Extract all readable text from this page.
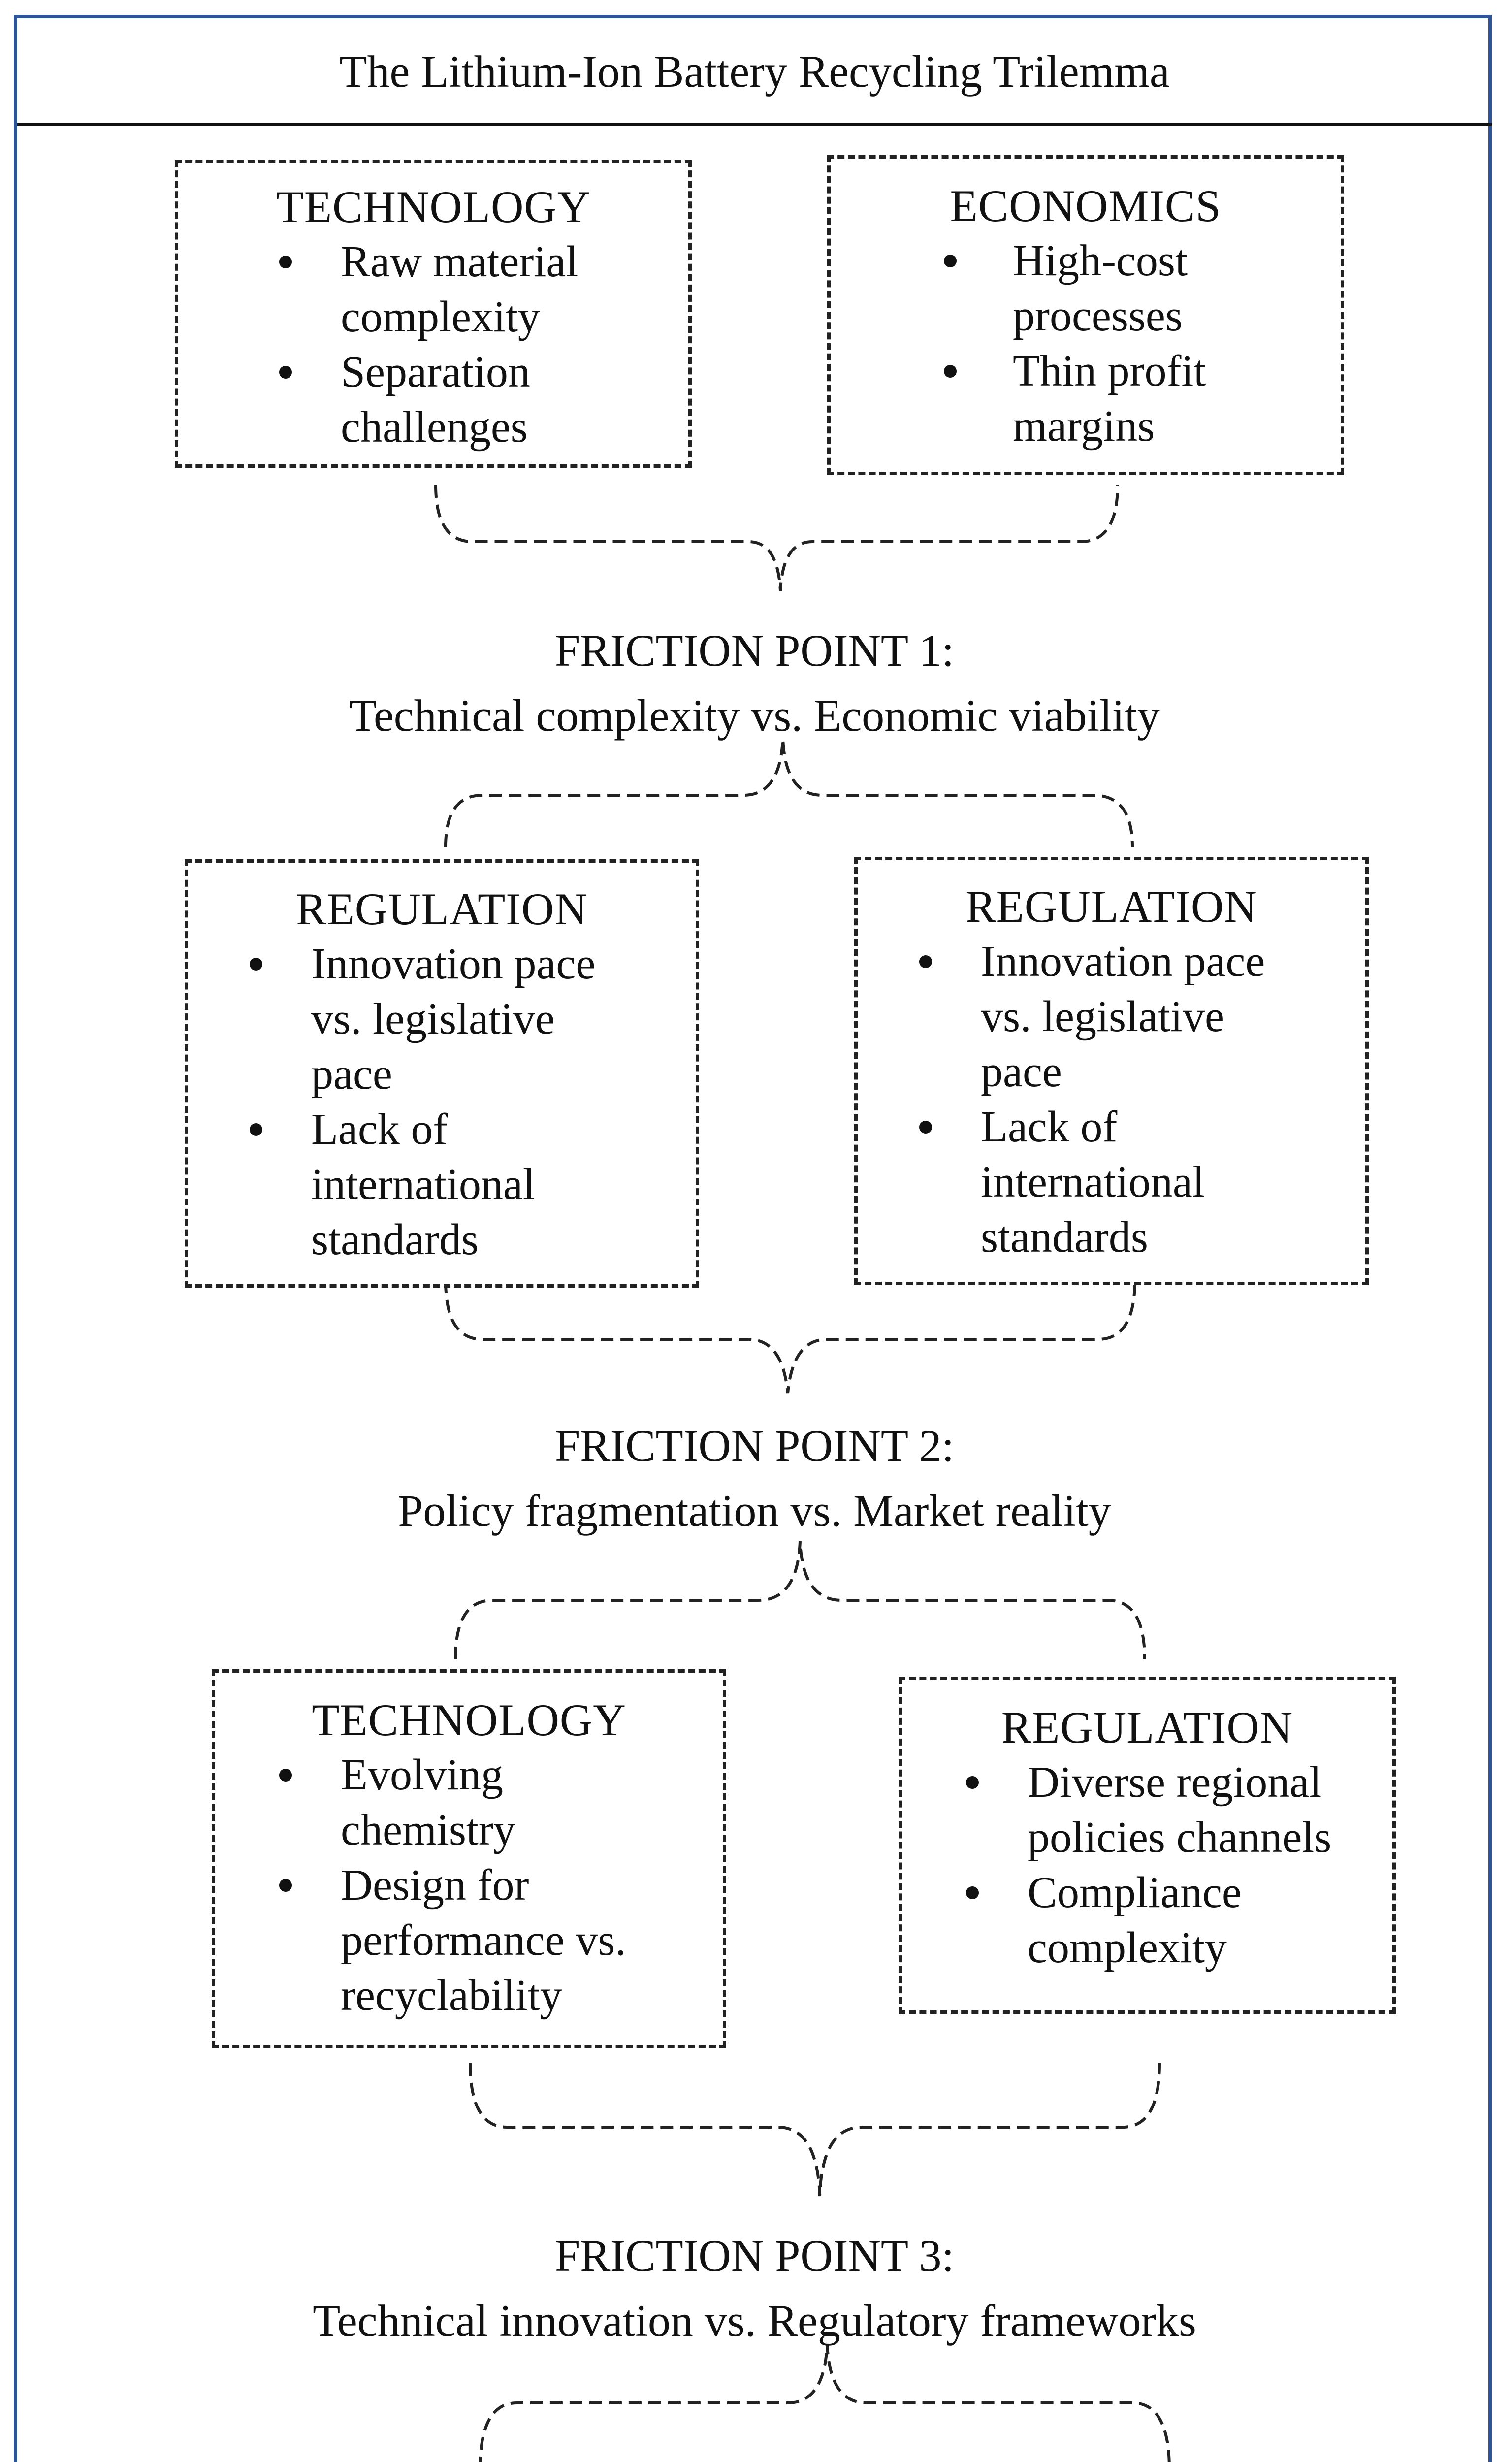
The Lithium-Ion Battery Recycling Trilemma
TECHNOLOGY
Raw material complexity
Separation challenges
ECONOMICS
High-cost processes
Thin profit margins
FRICTION POINT 1:
Technical complexity vs. Economic viability
REGULATION
Innovation pace vs. legislative pace
Lack of international standards
REGULATION
Innovation pace vs. legislative pace
Lack of international standards
FRICTION POINT 2:
Policy fragmentation vs. Market reality
TECHNOLOGY
Evolving chemistry
Design for performance vs. recyclability
REGULATION
Diverse regional policies channels
Compliance complexity
FRICTION POINT 3:
Technical innovation vs. Regulatory frameworks
